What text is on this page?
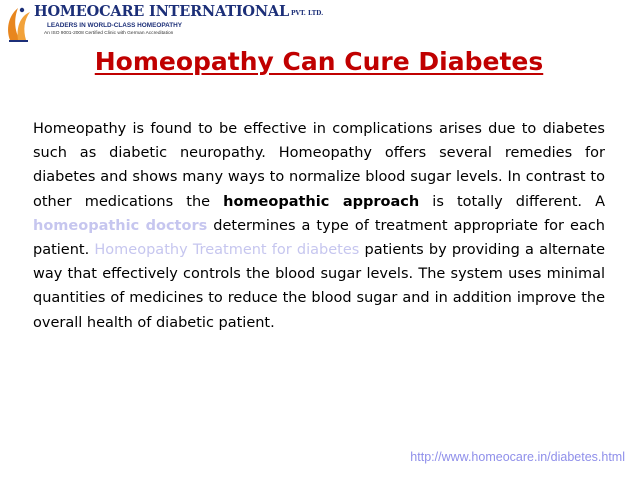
HOMEOCARE INTERNATIONAL PVT. LTD.
LEADERS IN WORLD-CLASS HOMEOPATHY
An ISO 9001-2008 Certified Clinic with German Accreditation
Homeopathy Can Cure Diabetes

Homeopathy is found to be effective in complications arises due to diabetes such as diabetic neuropathy. Homeopathy offers several remedies for diabetes and shows many ways to normalize blood sugar levels. In contrast to other medications the homeopathic approach is totally different. A homeopathic doctors determines a type of treatment appropriate for each patient. Homeopathy Treatment for diabetes patients by providing a alternate way that effectively controls the blood sugar levels. The system uses minimal quantities of medicines to reduce the blood sugar and in addition improve the overall health of diabetic patient.

http://www.homeocare.in/diabetes.html
